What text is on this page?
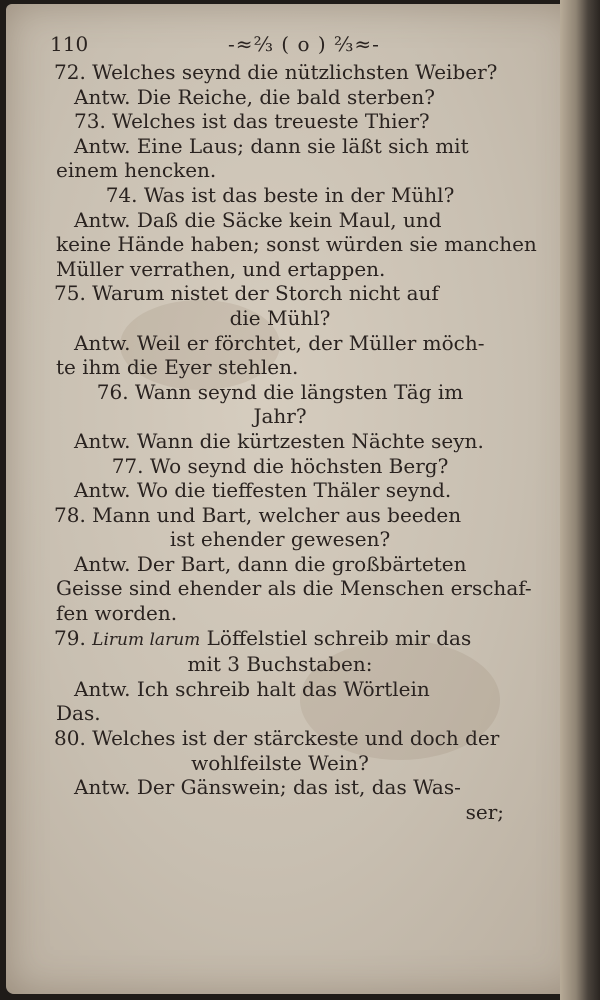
110	-≈⅔ ( o ) ⅔≈-
72. Welches seynd die nützlichsten Weiber?
Antw. Die Reiche, die bald sterben?
73. Welches ist das treueste Thier?
Antw. Eine Laus; dann sie läßt sich mit
einem hencken.
74. Was ist das beste in der Mühl?
Antw. Daß die Säcke kein Maul, und
keine Hände haben; sonst würden sie manchen
Müller verrathen, und ertappen.
75. Warum nistet der Storch nicht auf
die Mühl?
Antw. Weil er förchtet, der Müller möch-
te ihm die Eyer stehlen.
76. Wann seynd die längsten Täg im
Jahr?
Antw. Wann die kürtzesten Nächte seyn.
77. Wo seynd die höchsten Berg?
Antw. Wo die tieffesten Thäler seynd.
78. Mann und Bart, welcher aus beeden
ist ehender gewesen?
Antw. Der Bart, dann die großbärteten
Geisse sind ehender als die Menschen erschaf-
fen worden.
79. Lirum larum Löffelstiel schreib mir das
mit 3 Buchstaben:
Antw. Ich schreib halt das Wörtlein
Das.
80. Welches ist der stärckeste und doch der
wohlfeilste Wein?
Antw. Der Gänswein; das ist, das Was-
ser;
